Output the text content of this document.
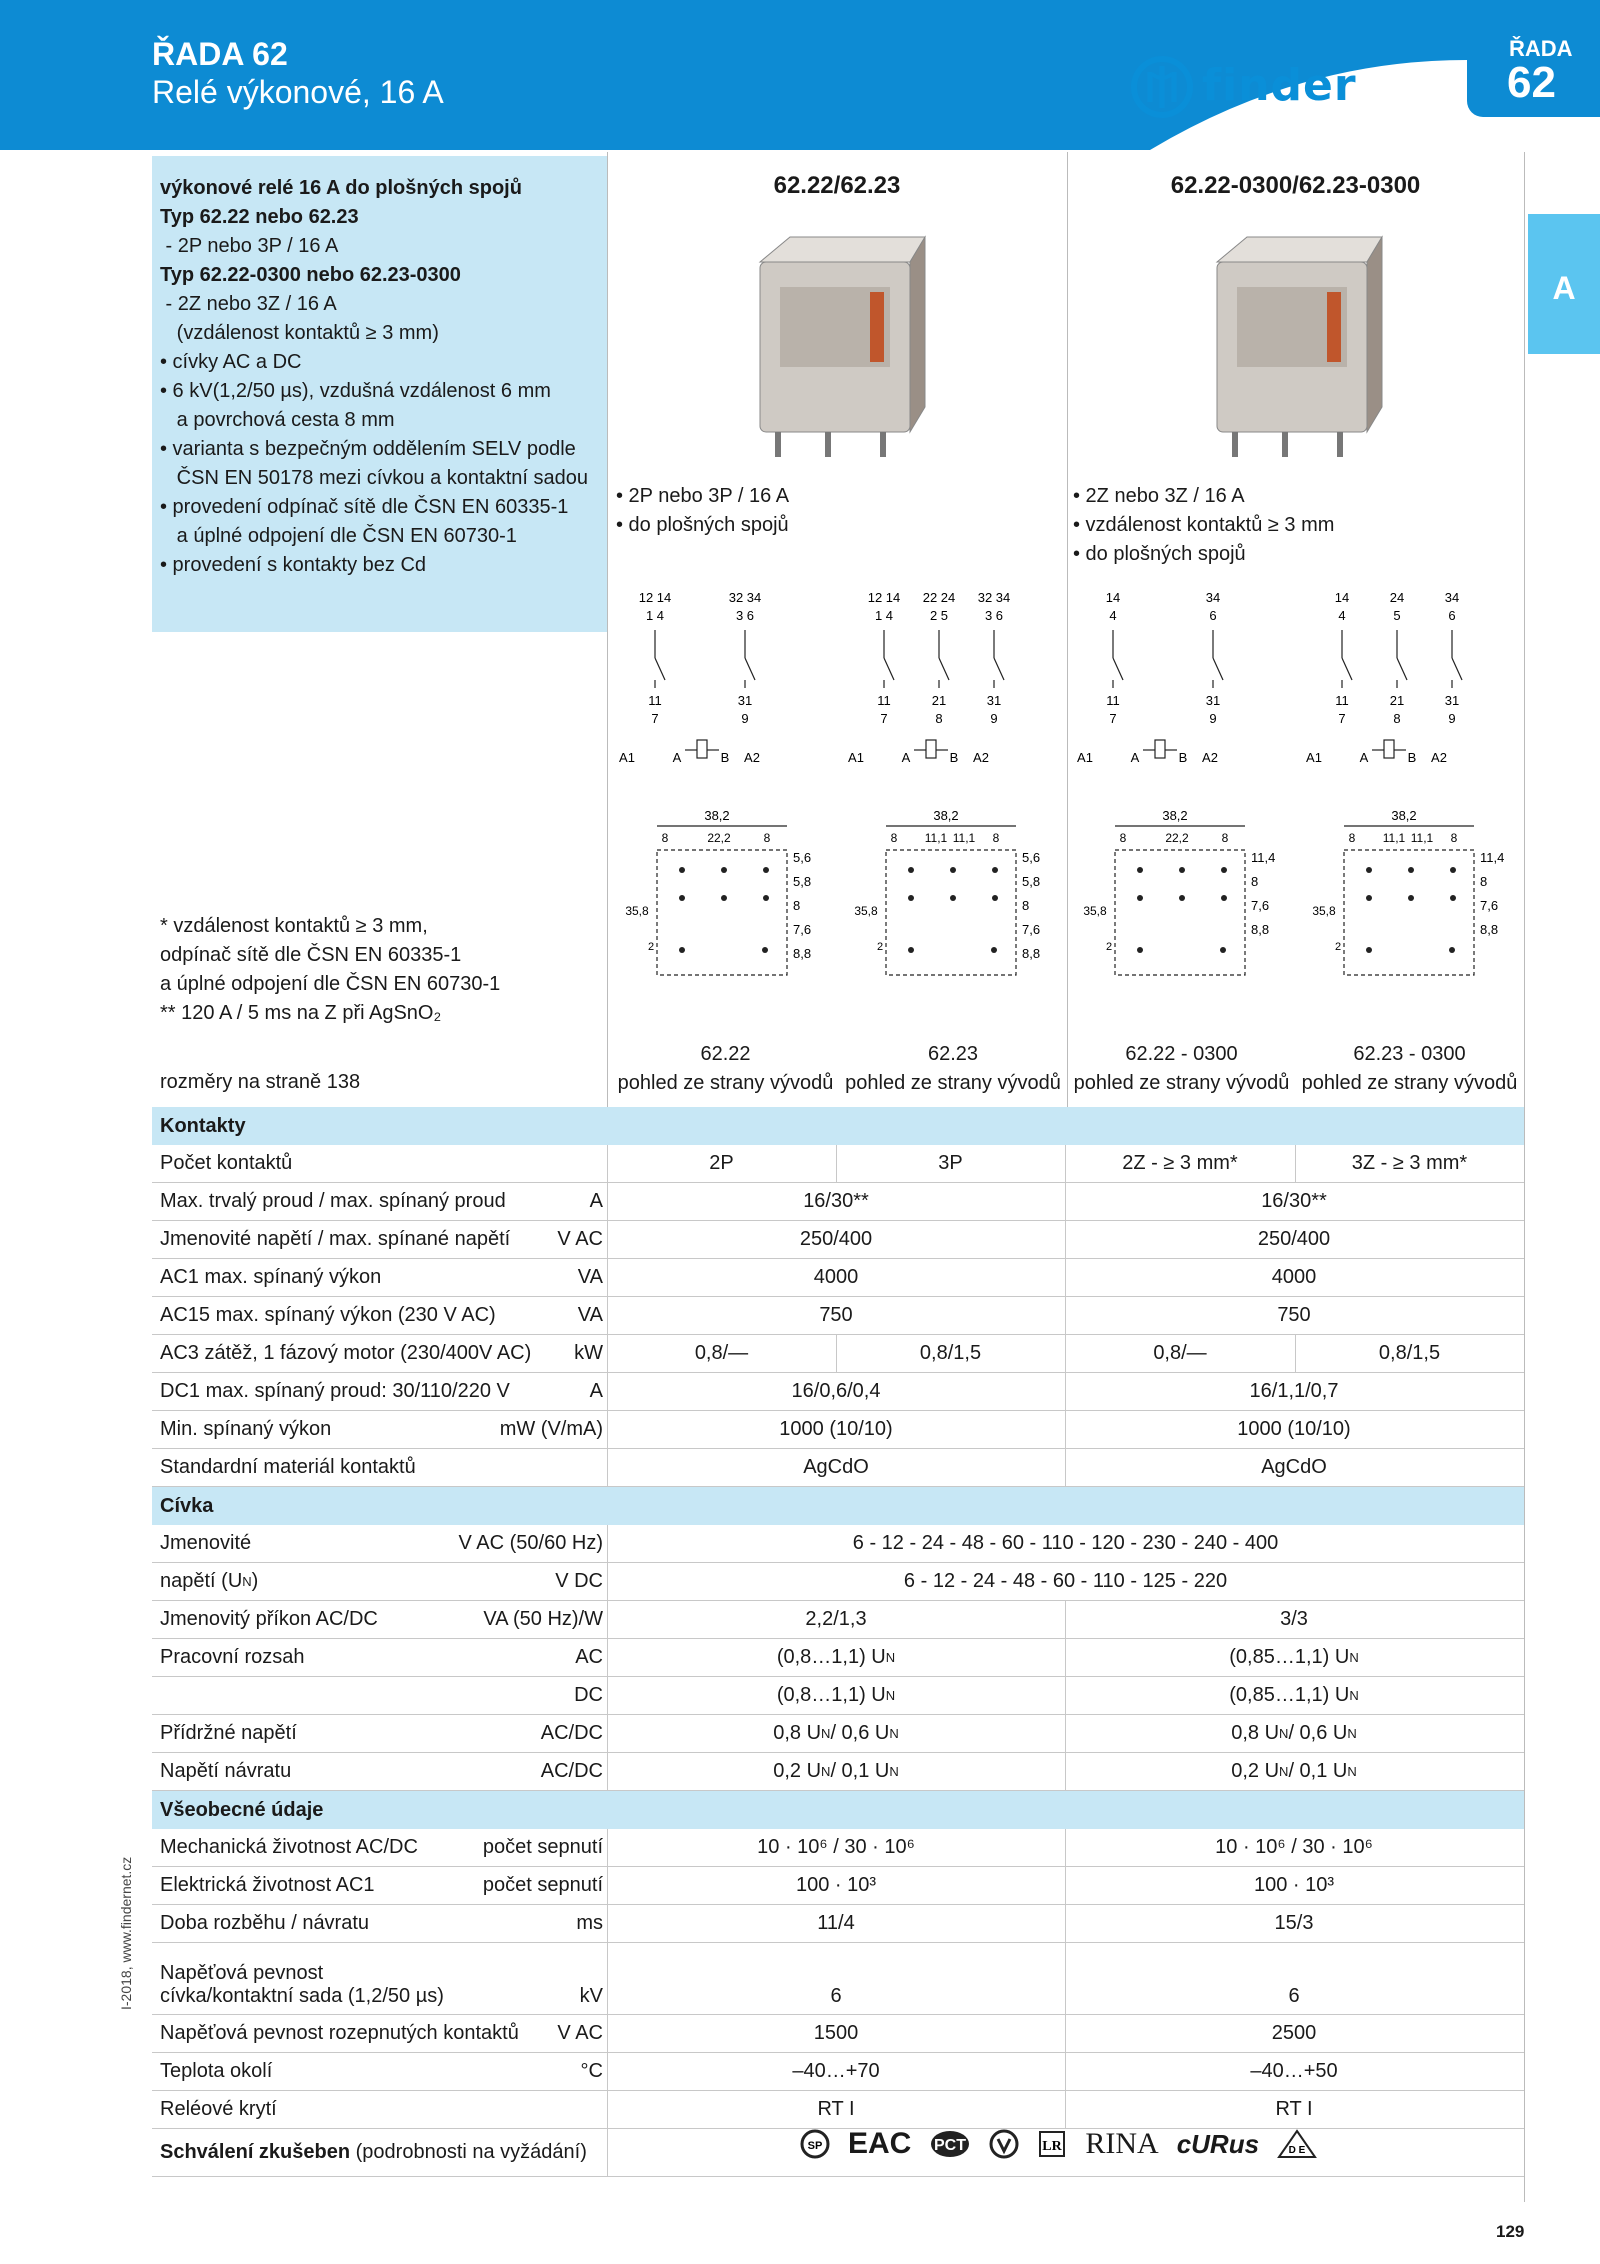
ŘADA 62
Relé výkonové, 16 A	finder
ŘADA
62
A
výkonové relé 16 A do plošných spojů
Typ 62.22 nebo 62.23
- 2P nebo 3P / 16 A
Typ 62.22-0300 nebo 62.23-0300
- 2Z nebo 3Z / 16 A
(vzdálenost kontaktů ≥ 3 mm)
• cívky AC a DC
• 6 kV(1,2/50 µs), vzdušná vzdálenost 6 mm
a povrchová cesta 8 mm
• varianta s bezpečným oddělením SELV podle
ČSN EN 50178 mezi cívkou a kontaktní sadou
• provedení odpínač sítě dle ČSN EN 60335-1
a úplné odpojení dle ČSN EN 60730-1
• provedení s kontakty bez Cd
62.22/62.23	62.22-0300/62.23-0300
• 2P nebo 3P / 16 A
• do plošných spojů
• 2Z nebo 3Z / 16 A
• vzdálenost kontaktů ≥ 3 mm
• do plošných spojů
12 14
1 4
11
7
32 34
3 6
31
9
A1	A	B A2
12 14
1 4
11
7
22 24
2 5
21
8
32 34
3 6
31
9
A1	A	B A2
14
4
11
7
34
6
31
9
A1	A	B A2
14
4
11
7
24
5
21
8
34
6
31
9
A1	A	B A2
38,2
8	22,2	8
35,8
2
5,6
5,8
8
7,6
8,8
38,2
8 11,1 11,1 8
35,8
2
5,6
5,8
8
7,6
8,8
38,2
8	22,2	8
35,8
2
11,4
8
7,6
8,8
38,2
8 11,1 11,1 8
35,8
2
11,4
8
7,6
8,8
* vzdálenost kontaktů ≥ 3 mm,
odpínač sítě dle ČSN EN 60335-1
a úplné odpojení dle ČSN EN 60730-1
** 120 A / 5 ms na Z při AgSnO₂
rozměry na straně 138
62.22
pohled ze strany vývodů
62.23
pohled ze strany vývodů
62.22 - 0300
pohled ze strany vývodů
62.23 - 0300
pohled ze strany vývodů
Kontakty
Počet kontaktů	2P	3P	2Z - ≥ 3 mm*	3Z - ≥ 3 mm*
Max. trvalý proud / max. spínaný proud	A	16/30**	16/30**
Jmenovité napětí / max. spínané napětí	V AC	250/400	250/400
AC1 max. spínaný výkon	VA	4000	4000
AC15 max. spínaný výkon (230 V AC)	VA	750	750
AC3 zátěž, 1 fázový motor (230/400V AC)	kW	0,8/—	0,8/1,5	0,8/—	0,8/1,5
DC1 max. spínaný proud: 30/110/220 V	A	16/0,6/0,4	16/1,1/0,7
Min. spínaný výkon	mW (V/mA)	1000 (10/10)	1000 (10/10)
Standardní materiál kontaktů	AgCdO	AgCdO
Cívka
Jmenovité	V AC (50/60 Hz)	6 - 12 - 24 - 48 - 60 - 110 - 120 - 230 - 240 - 400
napětí (U N )	V DC	6 - 12 - 24 - 48 - 60 - 110 - 125 - 220
Jmenovitý příkon AC/DC	VA (50 Hz)/W	2,2/1,3	3/3
Pracovní rozsah	AC	(0,8…1,1) U N	(0,85…1,1) U N
DC	(0,8…1,1) U N	(0,85…1,1) U N
Přídržné napětí	AC/DC	0,8 U N / 0,6 U N	0,8 U N / 0,6 U N
Napětí návratu	AC/DC	0,2 U N / 0,1 U N	0,2 U N / 0,1 U N
Všeobecné údaje
Mechanická životnost AC/DC	počet sepnutí	10 · 10⁶ / 30 · 10⁶	10 · 10⁶ / 30 · 10⁶
Elektrická životnost AC1	počet sepnutí	100 · 10³	100 · 10³
Doba rozběhu / návratu	ms	11/4	15/3
Napěťová pevnost
cívka/kontaktní sada (1,2/50 µs)	kV	6	6
Napěťová pevnost rozepnutých kontaktů	V AC	1500	2500
Teplota okolí	°C	–40…+70	–40…+50
Reléové krytí	RT I	RT I
Schválení zkušeben (podrobnosti na vyžádání)	SP EAC PCT	LR RINA cURus	D E
I-2018, www.findernet.cz
129
